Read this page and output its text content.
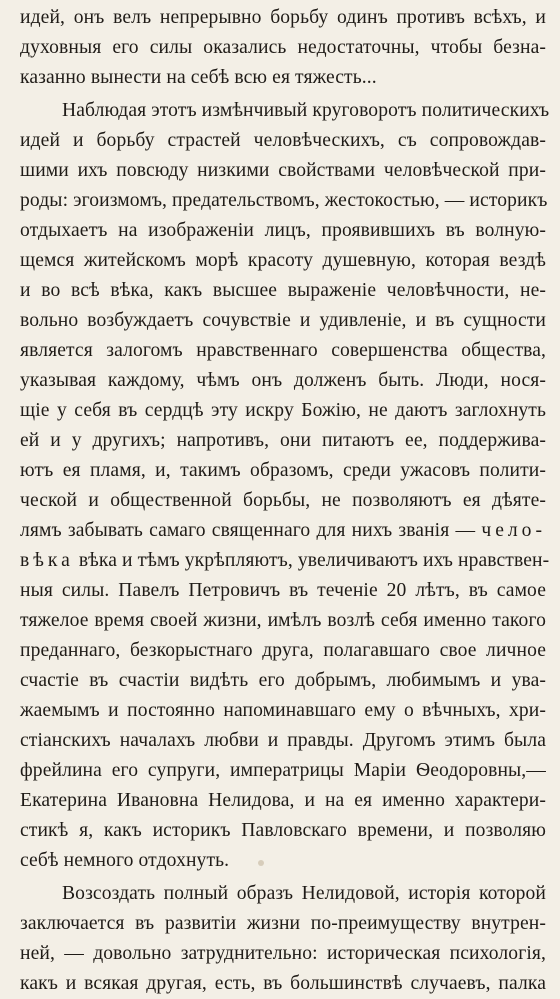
идей, онъ велъ непрерывно борьбу одинъ противъ всѣхъ, и
духовныя его силы оказались недостаточны, чтобы безна-
казанно вынести на себѣ всю ея тяжесть...
Наблюдая этотъ измѣнчивый круговоротъ политическихъ
идей и борьбу страстей человѣческихъ, съ сопровождав-
шими ихъ повсюду низкими свойствами человѣческой при-
роды: эгоизмомъ, предательствомъ, жестокостью, — историкъ
отдыхаетъ на изображенiи лицъ, проявившихъ въ волную-
щемся житейскомъ морѣ красоту душевную, которая вездѣ
и во всѣ вѣка, какъ высшее выраженiе человѣчности, не-
вольно возбуждаетъ сочувствiе и удивленiе, и въ сущности
является залогомъ нравственнаго совершенства общества,
указывая каждому, чѣмъ онъ долженъ быть. Люди, нося-
щiе у себя въ сердцѣ эту искру Божiю, не даютъ заглохнуть
ей и у другихъ; напротивъ, они питаютъ ее, поддержива-
ютъ ея пламя, и, такимъ образомъ, среди ужасовъ полити-
ческой и общественной борьбы, не позволяютъ ея дѣяте-
лямъ забывать самаго священнаго для нихъ званiя — чело-
вѣка вѣка и тѣмъ укрѣпляютъ, увеличиваютъ ихъ нравствен-
ныя силы. Павелъ Петровичъ въ теченiе 20 лѣтъ, въ самое
тяжелое время своей жизни, имѣлъ возлѣ себя именно такого
преданнаго, безкорыстнаго друга, полагавшаго свое личное
счастiе въ счастiи видѣть его добрымъ, любимымъ и ува-
жаемымъ и постоянно напоминавшаго ему о вѣчныхъ, хри-
стiанскихъ началахъ любви и правды. Другомъ этимъ была
фрейлина его супруги, императрицы Марiи Ѳеодоровны,—
Екатерина Ивановна Нелидова, и на ея именно характери-
стикѣ я, какъ историкъ Павловскаго времени, и позволяю
себѣ немного отдохнуть.
Возсоздать полный образъ Нелидовой, исторiя которой
заключается въ развитiи жизни по-преимуществу внутрен-
ней, — довольно затруднительно: историческая психологiя,
какъ и всякая другая, есть, въ большинствѣ случаевъ, палка
